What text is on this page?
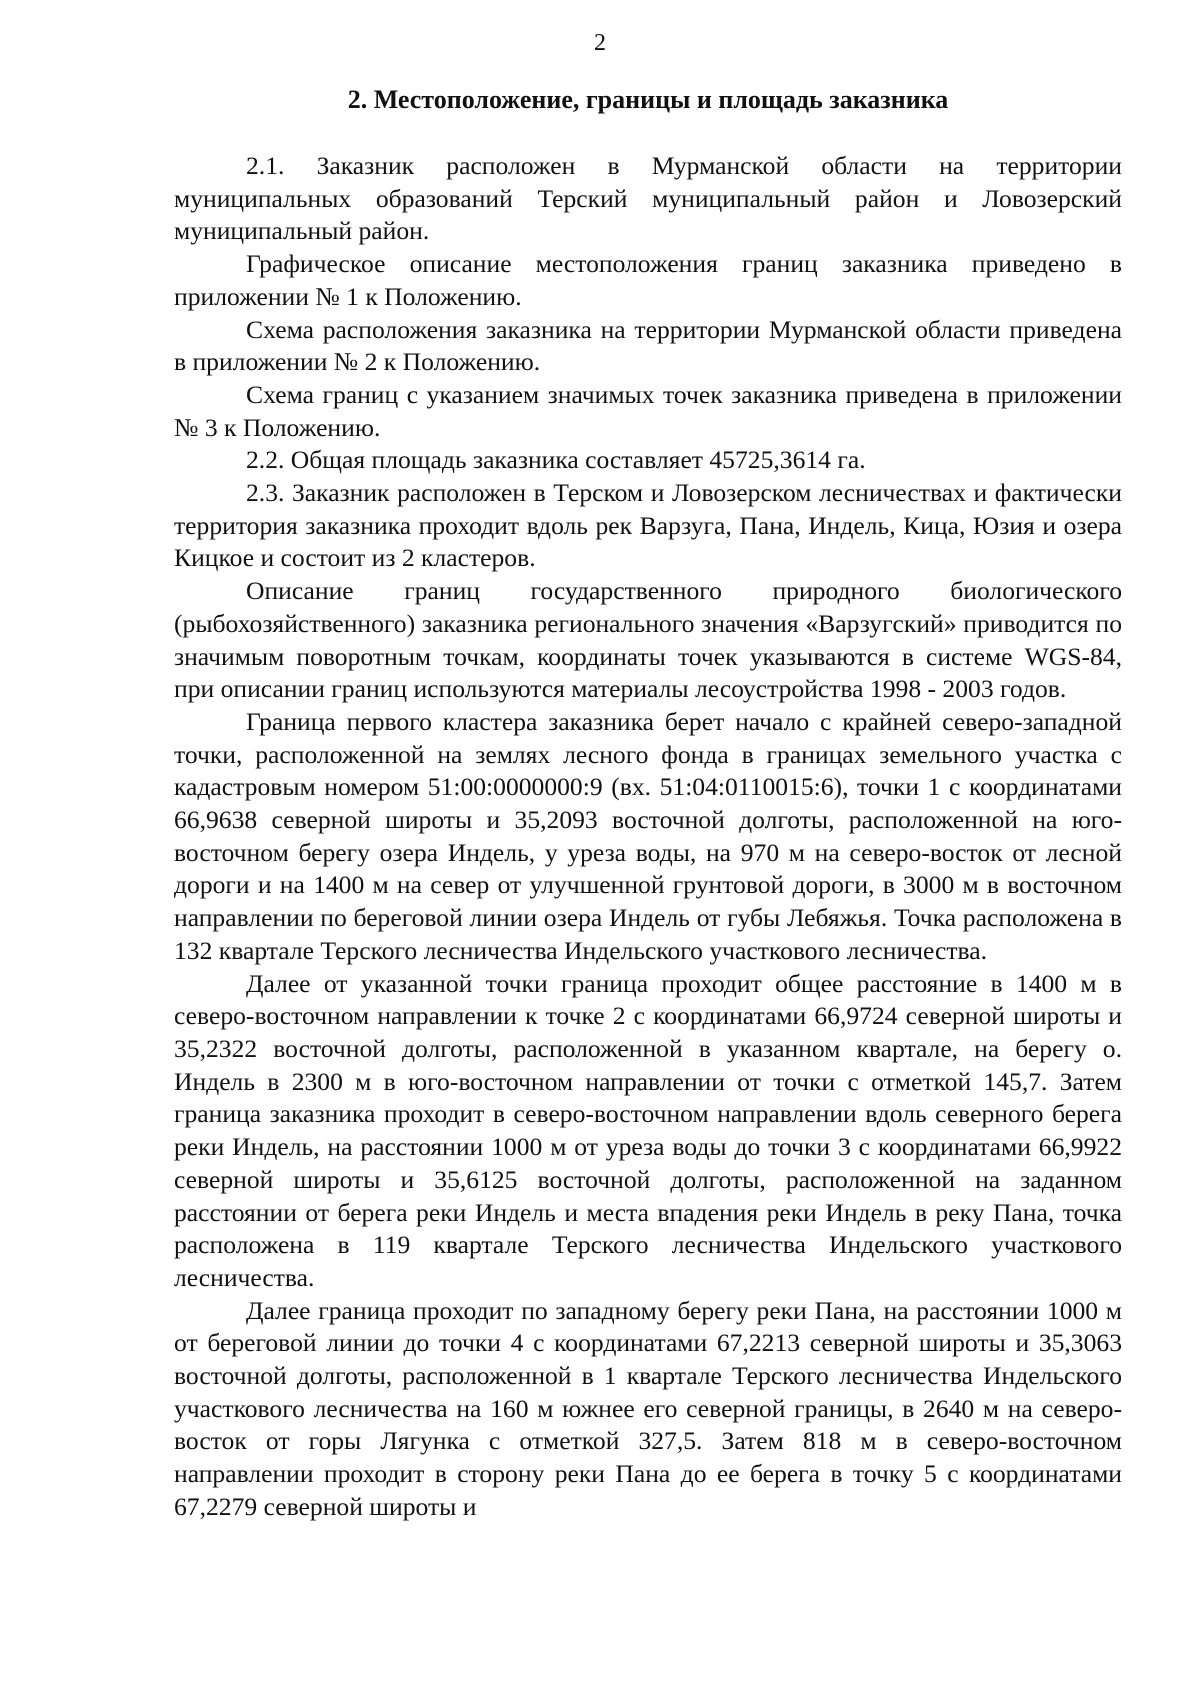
2
2. Местоположение, границы и площадь заказника

2.1. Заказник расположен в Мурманской области на территории муниципальных образований Терский муниципальный район и Ловозерский муниципальный район.

Графическое описание местоположения границ заказника приведено в приложении № 1 к Положению.

Схема расположения заказника на территории Мурманской области приведена в приложении № 2 к Положению.

Схема границ с указанием значимых точек заказника приведена в приложении № 3 к Положению.

2.2. Общая площадь заказника составляет 45725,3614 га.

2.3. Заказник расположен в Терском и Ловозерском лесничествах и фактически территория заказника проходит вдоль рек Варзуга, Пана, Индель, Кица, Юзия и озера Кицкое и состоит из 2 кластеров.

Описание границ государственного природного биологического (рыбохозяйственного) заказника регионального значения «Варзугский» приводится по значимым поворотным точкам, координаты точек указываются в системе WGS-84, при описании границ используются материалы лесоустройства 1998 - 2003 годов.

Граница первого кластера заказника берет начало с крайней северо-западной точки, расположенной на землях лесного фонда в границах земельного участка с кадастровым номером 51:00:0000000:9 (вх. 51:04:0110015:6), точки 1 с координатами 66,9638 северной широты и 35,2093 восточной долготы, расположенной на юго-восточном берегу озера Индель, у уреза воды, на 970 м на северо-восток от лесной дороги и на 1400 м на север от улучшенной грунтовой дороги, в 3000 м в восточном направлении по береговой линии озера Индель от губы Лебяжья. Точка расположена в 132 квартале Терского лесничества Индельского участкового лесничества.

Далее от указанной точки граница проходит общее расстояние в 1400 м в северо-восточном направлении к точке 2 с координатами 66,9724 северной широты и 35,2322 восточной долготы, расположенной в указанном квартале, на берегу о. Индель в 2300 м в юго-восточном направлении от точки с отметкой 145,7. Затем граница заказника проходит в северо-восточном направлении вдоль северного берега реки Индель, на расстоянии 1000 м от уреза воды до точки 3 с координатами 66,9922 северной широты и 35,6125 восточной долготы, расположенной на заданном расстоянии от берега реки Индель и места впадения реки Индель в реку Пана, точка расположена в 119 квартале Терского лесничества Индельского участкового лесничества.

Далее граница проходит по западному берегу реки Пана, на расстоянии 1000 м от береговой линии до точки 4 с координатами 67,2213 северной широты и 35,3063 восточной долготы, расположенной в 1 квартале Терского лесничества Индельского участкового лесничества на 160 м южнее его северной границы, в 2640 м на северо-восток от горы Лягунка с отметкой 327,5. Затем 818 м в северо-восточном направлении проходит в сторону реки Пана до ее берега в точку 5 с координатами 67,2279 северной широты и
